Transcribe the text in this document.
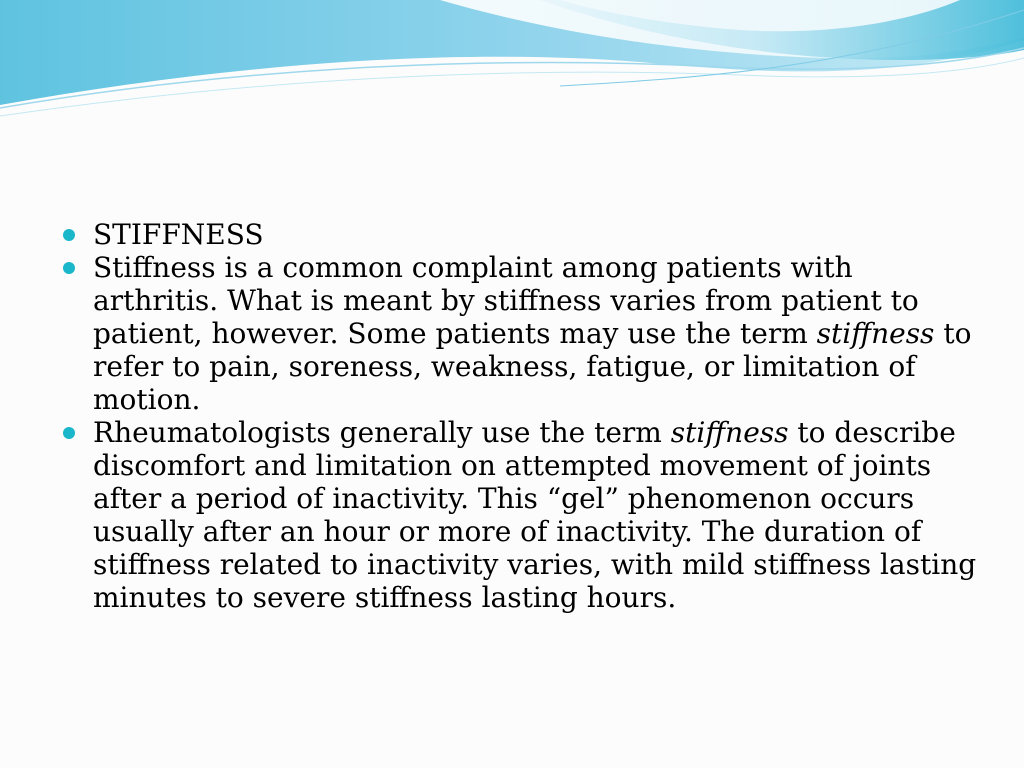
STIFFNESS
Stiffness is a common complaint among patients with arthritis. What is meant by stiffness varies from patient to patient, however. Some patients may use the term stiffness to refer to pain, soreness, weakness, fatigue, or limitation of motion.
Rheumatologists generally use the term stiffness to describe discomfort and limitation on attempted movement of joints after a period of inactivity. This “gel” phenomenon occurs usually after an hour or more of inactivity. The duration of stiffness related to inactivity varies, with mild stiffness lasting minutes to severe stiffness lasting hours.
